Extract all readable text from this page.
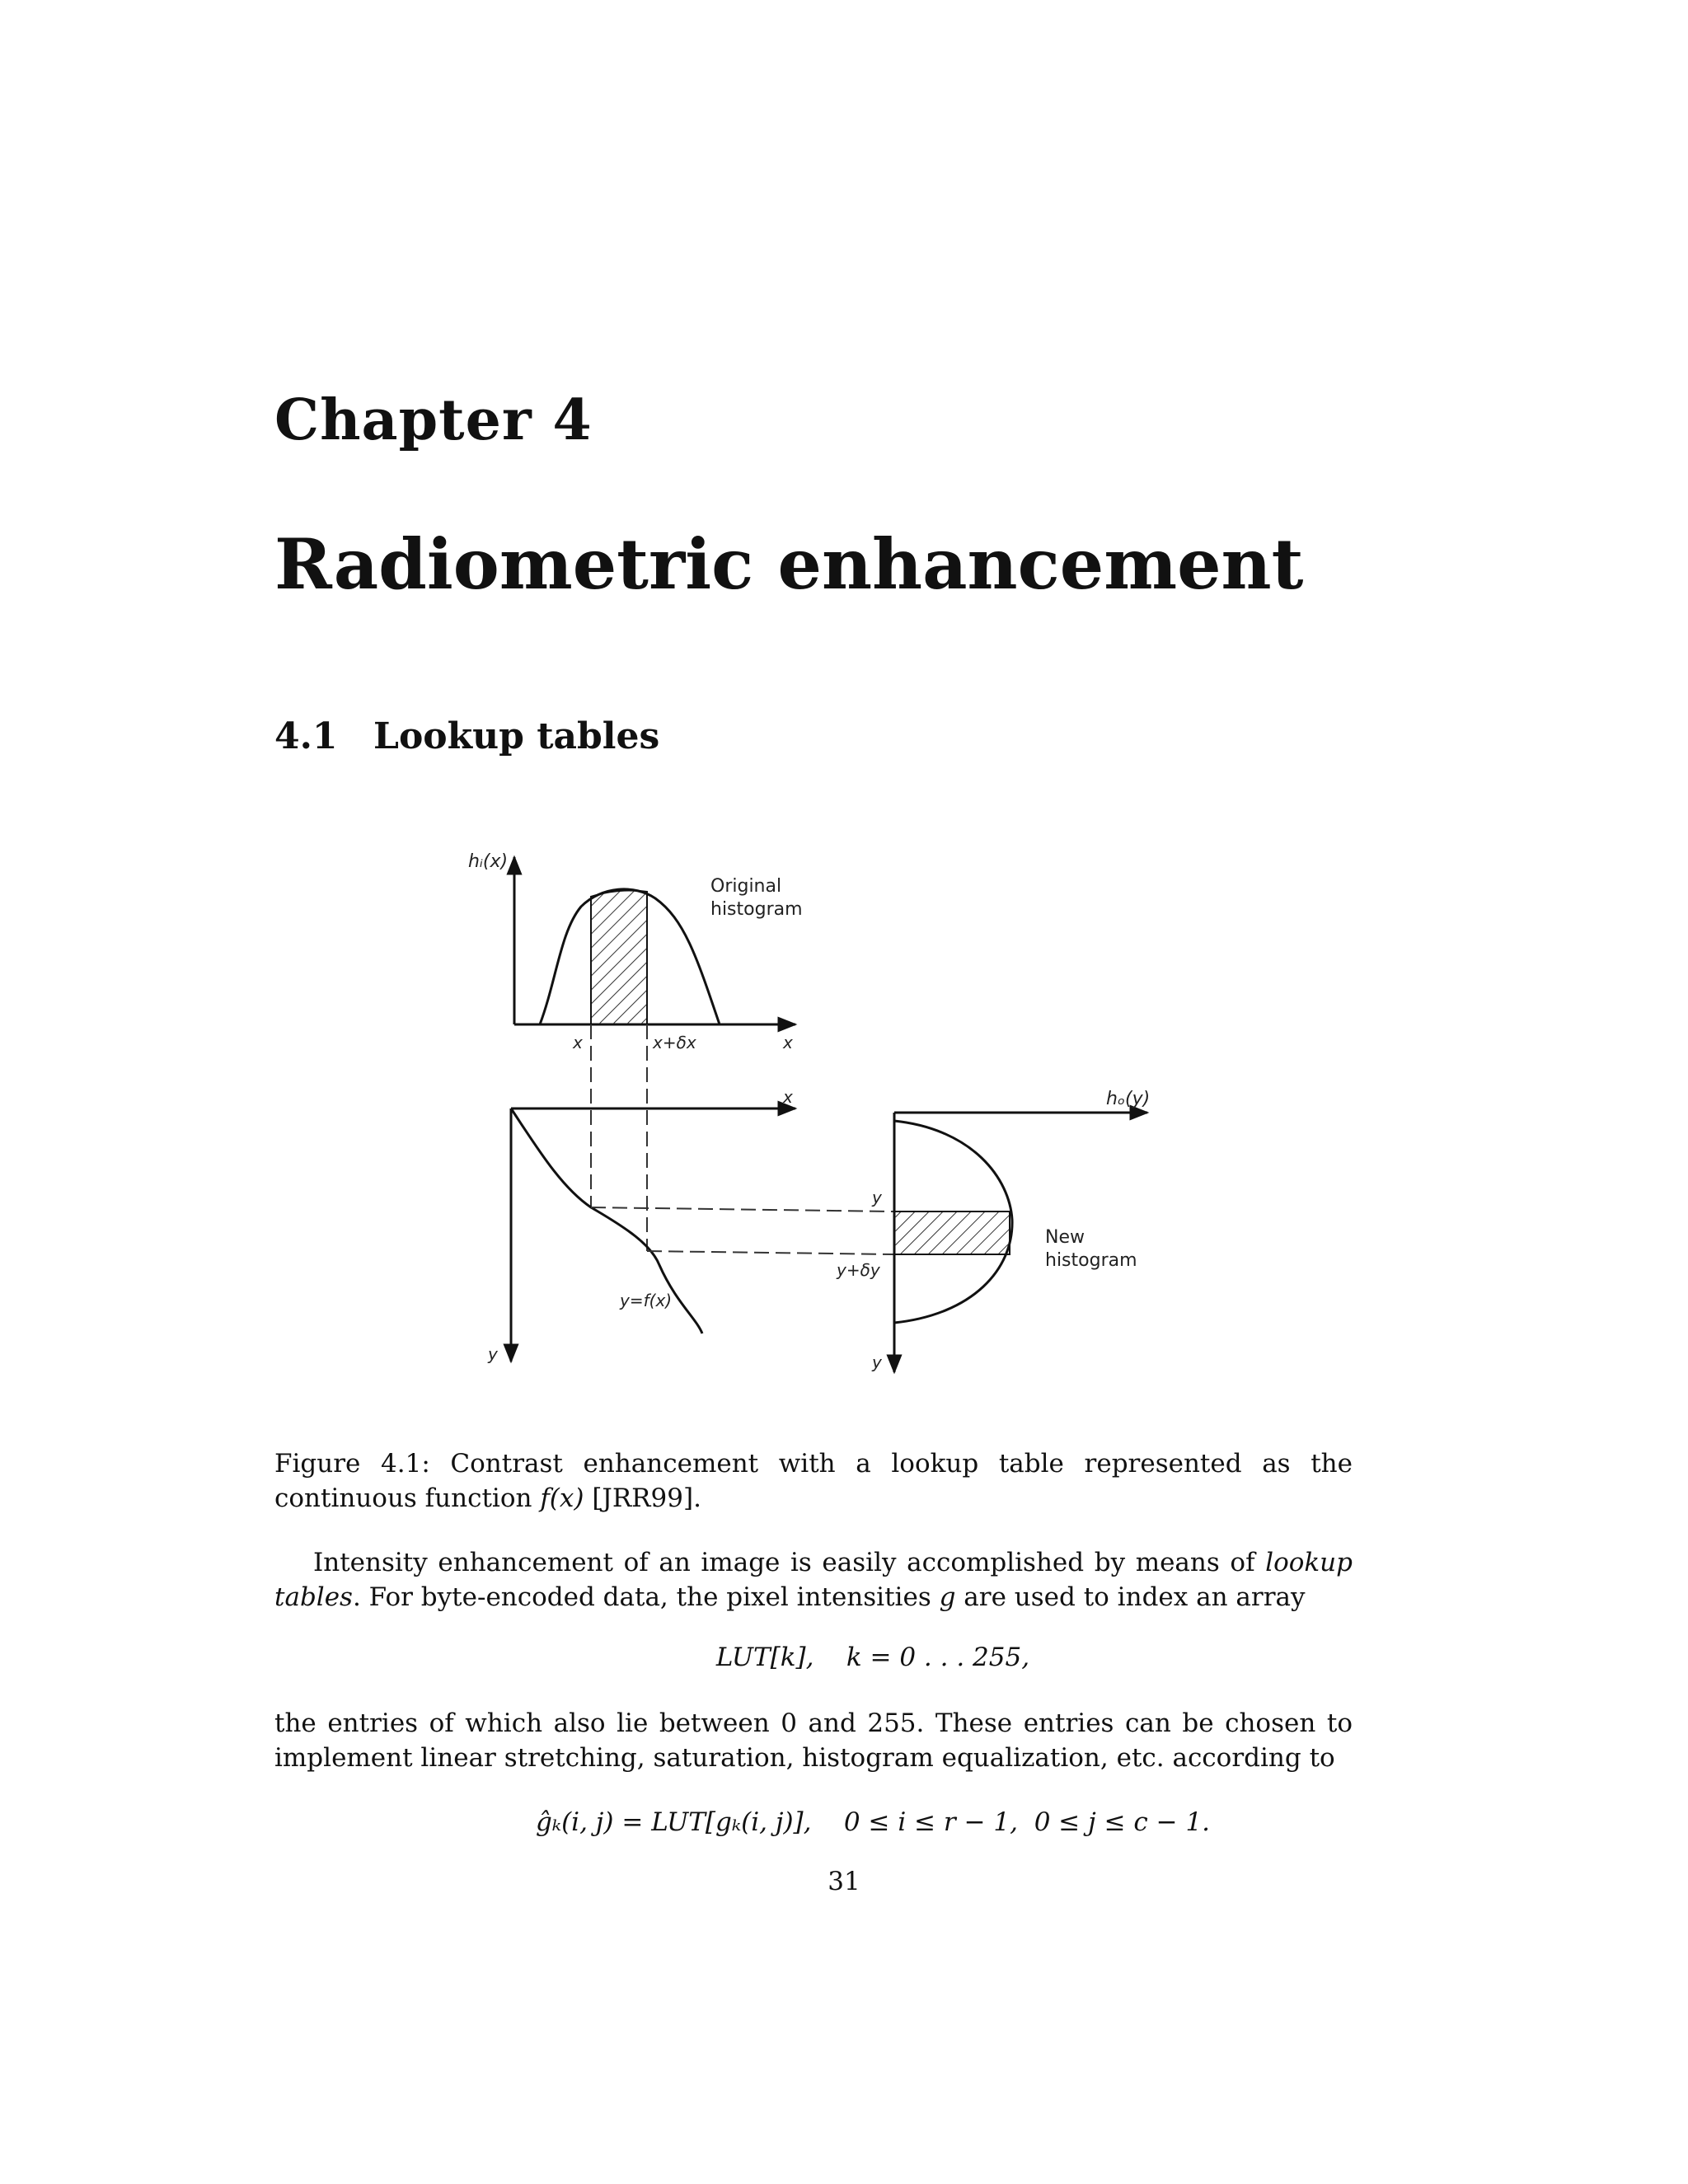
Chapter 4
Radiometric enhancement
4.1 Lookup tables
hᵢ(x)
Original
histogram
x	x+δx	x
x
y
y=f(x)
hₒ(y)
y
y
y+δy
New
histogram
Figure 4.1: Contrast enhancement with a lookup table represented as the continuous function f(x) [JRR99].
Intensity enhancement of an image is easily accomplished by means of lookup tables. For byte-encoded data, the pixel intensities g are used to index an array
LUT[k],    k = 0 . . . 255,
the entries of which also lie between 0 and 255. These entries can be chosen to implement linear stretching, saturation, histogram equalization, etc. according to
ĝₖ(i, j) = LUT[gₖ(i, j)],    0 ≤ i ≤ r − 1,  0 ≤ j ≤ c − 1.
31
